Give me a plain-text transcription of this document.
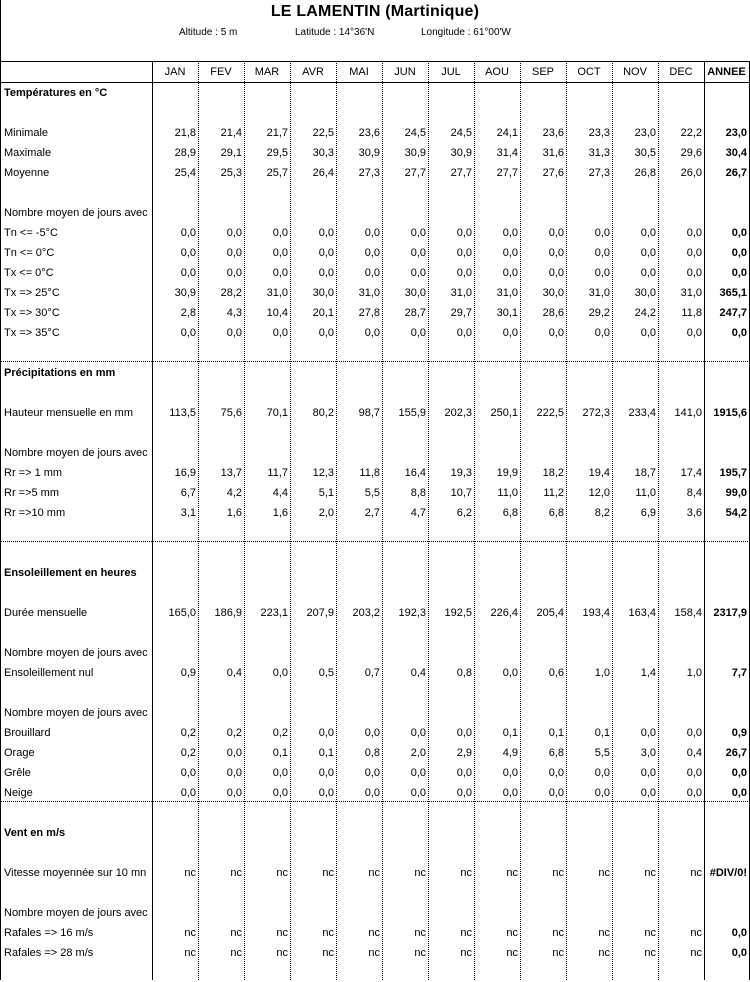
LE LAMENTIN (Martinique)
Altitude : 5 m	Latitude : 14°36'N	Longitude : 61°00'W
JAN	FEV	MAR	AVR	MAI	JUN	JUL	AOU	SEP	OCT	NOV	DEC	ANNEE
Températures en °C
Minimale	21,8	21,4	21,7	22,5	23,6	24,5	24,5	24,1	23,6	23,3	23,0	22,2	23,0
Maximale	28,9	29,1	29,5	30,3	30,9	30,9	30,9	31,4	31,6	31,3	30,5	29,6	30,4
Moyenne	25,4	25,3	25,7	26,4	27,3	27,7	27,7	27,7	27,6	27,3	26,8	26,0	26,7
Nombre moyen de jours avec
Tn <= -5°C	0,0	0,0	0,0	0,0	0,0	0,0	0,0	0,0	0,0	0,0	0,0	0,0	0,0
Tn <= 0°C	0,0	0,0	0,0	0,0	0,0	0,0	0,0	0,0	0,0	0,0	0,0	0,0	0,0
Tx <= 0°C	0,0	0,0	0,0	0,0	0,0	0,0	0,0	0,0	0,0	0,0	0,0	0,0	0,0
Tx => 25°C	30,9	28,2	31,0	30,0	31,0	30,0	31,0	31,0	30,0	31,0	30,0	31,0	365,1
Tx => 30°C	2,8	4,3	10,4	20,1	27,8	28,7	29,7	30,1	28,6	29,2	24,2	11,8	247,7
Tx => 35°C	0,0	0,0	0,0	0,0	0,0	0,0	0,0	0,0	0,0	0,0	0,0	0,0	0,0
Précipitations en mm
Hauteur mensuelle en mm	113,5	75,6	70,1	80,2	98,7	155,9	202,3	250,1	222,5	272,3	233,4	141,0	1915,6
Nombre moyen de jours avec
Rr => 1 mm	16,9	13,7	11,7	12,3	11,8	16,4	19,3	19,9	18,2	19,4	18,7	17,4	195,7
Rr =>5 mm	6,7	4,2	4,4	5,1	5,5	8,8	10,7	11,0	11,2	12,0	11,0	8,4	99,0
Rr =>10 mm	3,1	1,6	1,6	2,0	2,7	4,7	6,2	6,8	6,8	8,2	6,9	3,6	54,2
Ensoleillement en heures
Durée mensuelle	165,0	186,9	223,1	207,9	203,2	192,3	192,5	226,4	205,4	193,4	163,4	158,4	2317,9
Nombre moyen de jours avec
Ensoleillement nul	0,9	0,4	0,0	0,5	0,7	0,4	0,8	0,0	0,6	1,0	1,4	1,0	7,7
Nombre moyen de jours avec
Brouillard	0,2	0,2	0,2	0,0	0,0	0,0	0,0	0,1	0,1	0,1	0,0	0,0	0,9
Orage	0,2	0,0	0,1	0,1	0,8	2,0	2,9	4,9	6,8	5,5	3,0	0,4	26,7
Grêle	0,0	0,0	0,0	0,0	0,0	0,0	0,0	0,0	0,0	0,0	0,0	0,0	0,0
Neige	0,0	0,0	0,0	0,0	0,0	0,0	0,0	0,0	0,0	0,0	0,0	0,0	0,0
Vent en m/s
Vitesse moyennée sur 10 mn	nc	nc	nc	nc	nc	nc	nc	nc	nc	nc	nc	nc #DIV/0!
Nombre moyen de jours avec
Rafales => 16 m/s	nc	nc	nc	nc	nc	nc	nc	nc	nc	nc	nc	nc	0,0
Rafales => 28 m/s	nc	nc	nc	nc	nc	nc	nc	nc	nc	nc	nc	nc	0,0
